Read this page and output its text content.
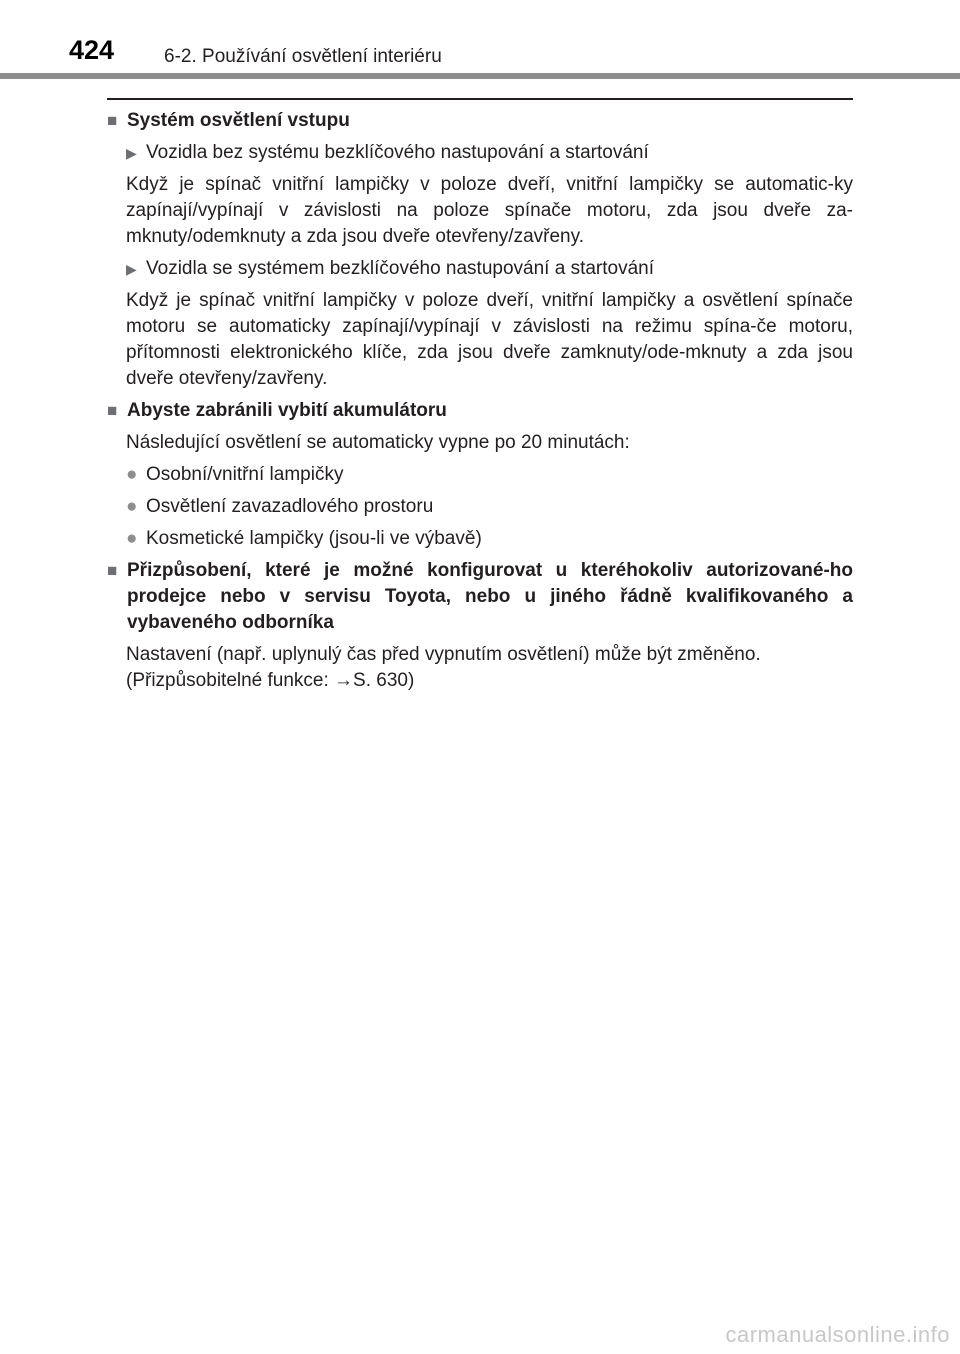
424	6-2. Používání osvětlení interiéru
■ Systém osvětlení vstupu
▶ Vozidla bez systému bezklíčového nastupování a startování
Když je spínač vnitřní lampičky v poloze dveří, vnitřní lampičky se automatic-ky zapínají/vypínají v závislosti na poloze spínače motoru, zda jsou dveře za-mknuty/odemknuty a zda jsou dveře otevřeny/zavřeny.
▶ Vozidla se systémem bezklíčového nastupování a startování
Když je spínač vnitřní lampičky v poloze dveří, vnitřní lampičky a osvětlení spínače motoru se automaticky zapínají/vypínají v závislosti na režimu spína-če motoru, přítomnosti elektronického klíče, zda jsou dveře zamknuty/ode-mknuty a zda jsou dveře otevřeny/zavřeny.
■ Abyste zabránili vybití akumulátoru
Následující osvětlení se automaticky vypne po 20 minutách:
● Osobní/vnitřní lampičky
● Osvětlení zavazadlového prostoru
● Kosmetické lampičky (jsou-li ve výbavě)
■ Přizpůsobení, které je možné konfigurovat u kteréhokoliv autorizované-ho prodejce nebo v servisu Toyota, nebo u jiného řádně kvalifikovaného a vybaveného odborníka
Nastavení (např. uplynulý čas před vypnutím osvětlení) může být změněno.
(Přizpůsobitelné funkce: →S. 630)
carmanualsonline.info
